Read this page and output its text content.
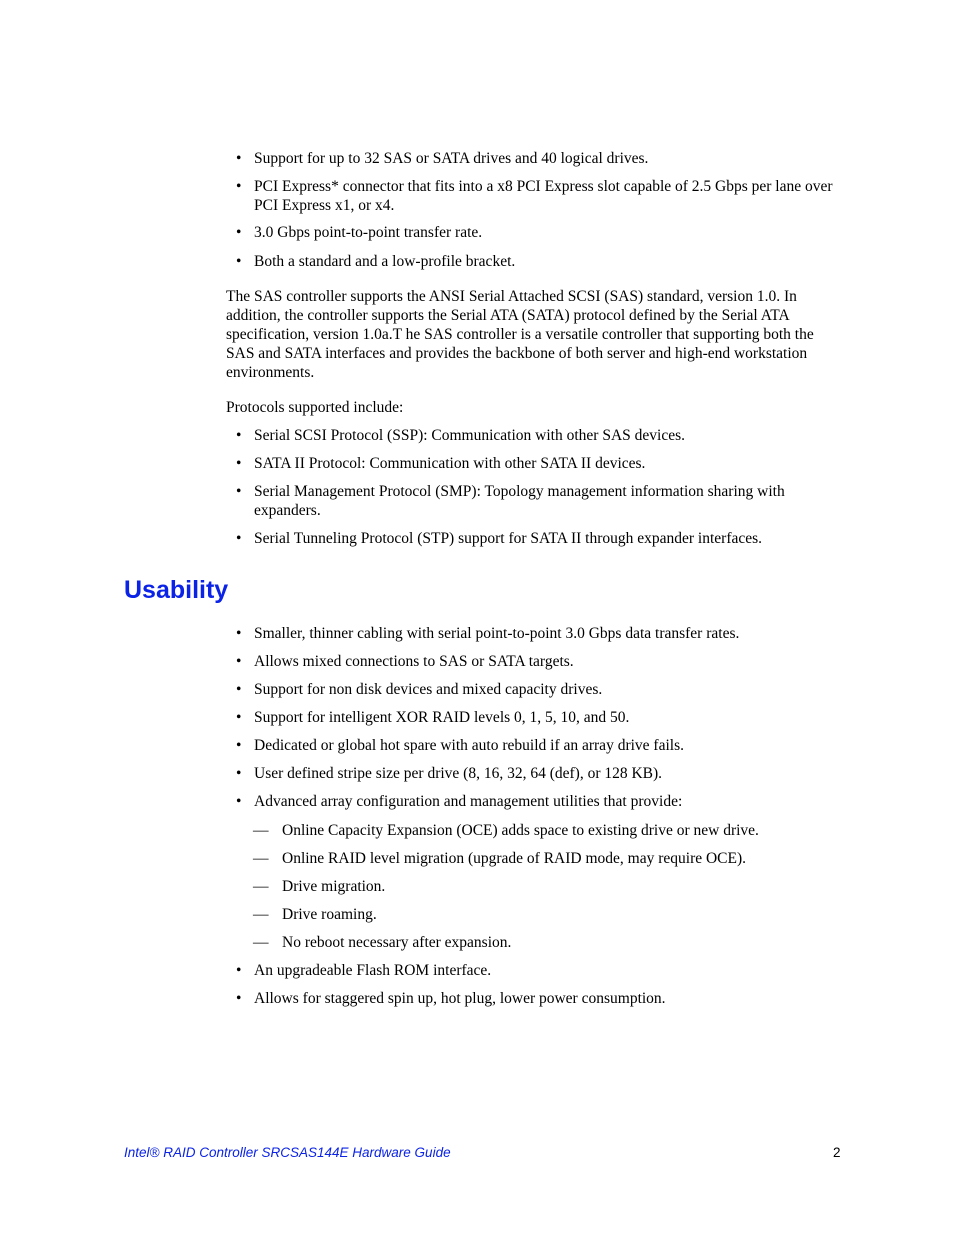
• Support for up to 32 SAS or SATA drives and 40 logical drives.
• PCI Express* connector that fits into a x8 PCI Express slot capable of 2.5 Gbps per lane over PCI Express x1, or x4.
• 3.0 Gbps point-to-point transfer rate.
• Both a standard and a low-profile bracket.
The SAS controller supports the ANSI Serial Attached SCSI (SAS) standard, version 1.0. In addition, the controller supports the Serial ATA (SATA) protocol defined by the Serial ATA specification, version 1.0a.T he SAS controller is a versatile controller that supporting both the SAS and SATA interfaces and provides the backbone of both server and high-end workstation environments.
Protocols supported include:
• Serial SCSI Protocol (SSP): Communication with other SAS devices.
• SATA II Protocol: Communication with other SATA II devices.
• Serial Management Protocol (SMP): Topology management information sharing with expanders.
• Serial Tunneling Protocol (STP) support for SATA II through expander interfaces.
Usability
• Smaller, thinner cabling with serial point-to-point 3.0 Gbps data transfer rates.
• Allows mixed connections to SAS or SATA targets.
• Support for non disk devices and mixed capacity drives.
• Support for intelligent XOR RAID levels 0, 1, 5, 10, and 50.
• Dedicated or global hot spare with auto rebuild if an array drive fails.
• User defined stripe size per drive (8, 16, 32, 64 (def), or 128 KB).
• Advanced array configuration and management utilities that provide:
— Online Capacity Expansion (OCE) adds space to existing drive or new drive.
— Online RAID level migration (upgrade of RAID mode, may require OCE).
— Drive migration.
— Drive roaming.
— No reboot necessary after expansion.
• An upgradeable Flash ROM interface.
• Allows for staggered spin up, hot plug, lower power consumption.
Intel® RAID Controller SRCSAS144E Hardware Guide	2
